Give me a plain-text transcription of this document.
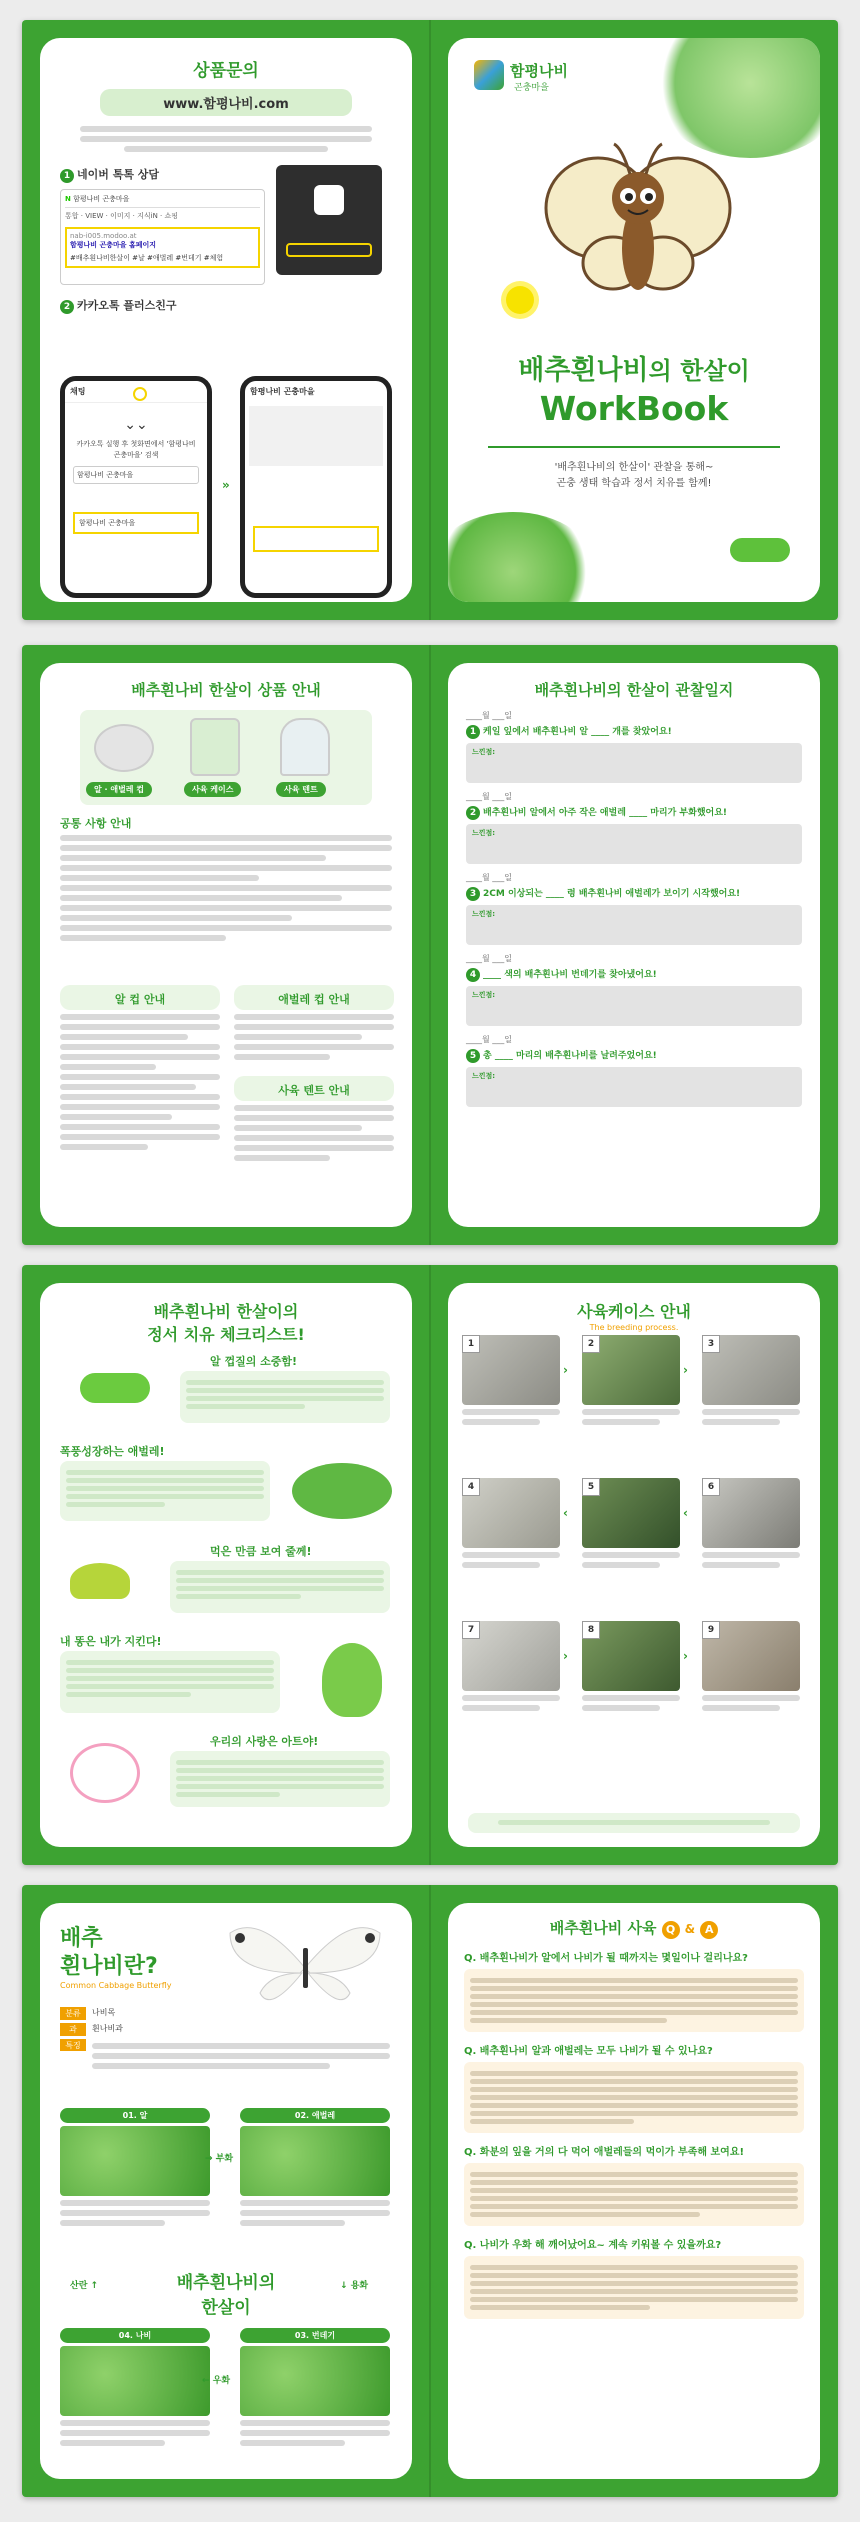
상품문의
www.함평나비.com
1 네이버 톡톡 상담
N 함평나비 곤충마을
통합 · VIEW · 이미지 · 지식iN · 쇼핑
nab-i005.modoo.at
함평나비 곤충마을 홈페이지
#배추흰나비한살이 #날 #애벌레 #번데기 #체험

2 카카오톡 플러스친구
채팅
⌄⌄
카카오톡 실행 후 첫화면에서 '함평나비곤충마을' 검색
함평나비 곤충마을
함평나비 곤충마을
»
함평나비 곤충마을
함평나비
곤충마을
배추흰나비의 한살이
WorkBook
'배추흰나비의 한살이' 관찰을 통해~
곤충 생태 학습과 정서 치유를 함께!
배추흰나비 한살이 상품 안내
알 · 애벌레 컵	사육 케이스	사육 텐트
공통 사항 안내
알 컵 안내	애벌레 컵 안내
사육 텐트 안내
배추흰나비의 한살이 관찰일지
____월 ___일
1 케일 잎에서 배추흰나비 알 ____ 개를 찾았어요!
느낀점:
____월 ___일
2 배추흰나비 알에서 아주 작은 애벌레 ____ 마리가 부화했어요!
느낀점:
____월 ___일
3 2CM 이상되는 ____ 령 배추흰나비 애벌레가 보이기 시작했어요!
느낀점:
____월 ___일
4 ____ 색의 배추흰나비 번데기를 찾아냈어요!
느낀점:
____월 ___일
5 총 ____ 마리의 배추흰나비를 날려주었어요!
느낀점:
배추흰나비 한살이의
정서 치유 체크리스트!
알 껍질의 소중함!
폭풍성장하는 애벌레!
먹은 만큼 보여 줄께!
내 똥은 내가 지킨다!
우리의 사랑은 아트야!
사육케이스 안내
The breeding process.
1
›
2
›
3
4
‹
5
‹
6
7
›
8
›
9
배추
흰나비란?
Common Cabbage Butterfly
분류	나비목
과	흰나비과
특징
01. 알	02. 애벌레
→ 부화
배추흰나비의
한살이
산란 ↑	↓ 용화
04. 나비	03. 번데기
← 우화
배추흰나비 사육 Q & A
Q. 배추흰나비가 알에서 나비가 될 때까지는 몇일이나 걸리나요?
Q. 배추흰나비 알과 애벌레는 모두 나비가 될 수 있나요?
Q. 화분의 잎을 거의 다 먹어 애벌레들의 먹이가 부족해 보여요!
Q. 나비가 우화 해 깨어났어요~ 계속 키워볼 수 있을까요?
